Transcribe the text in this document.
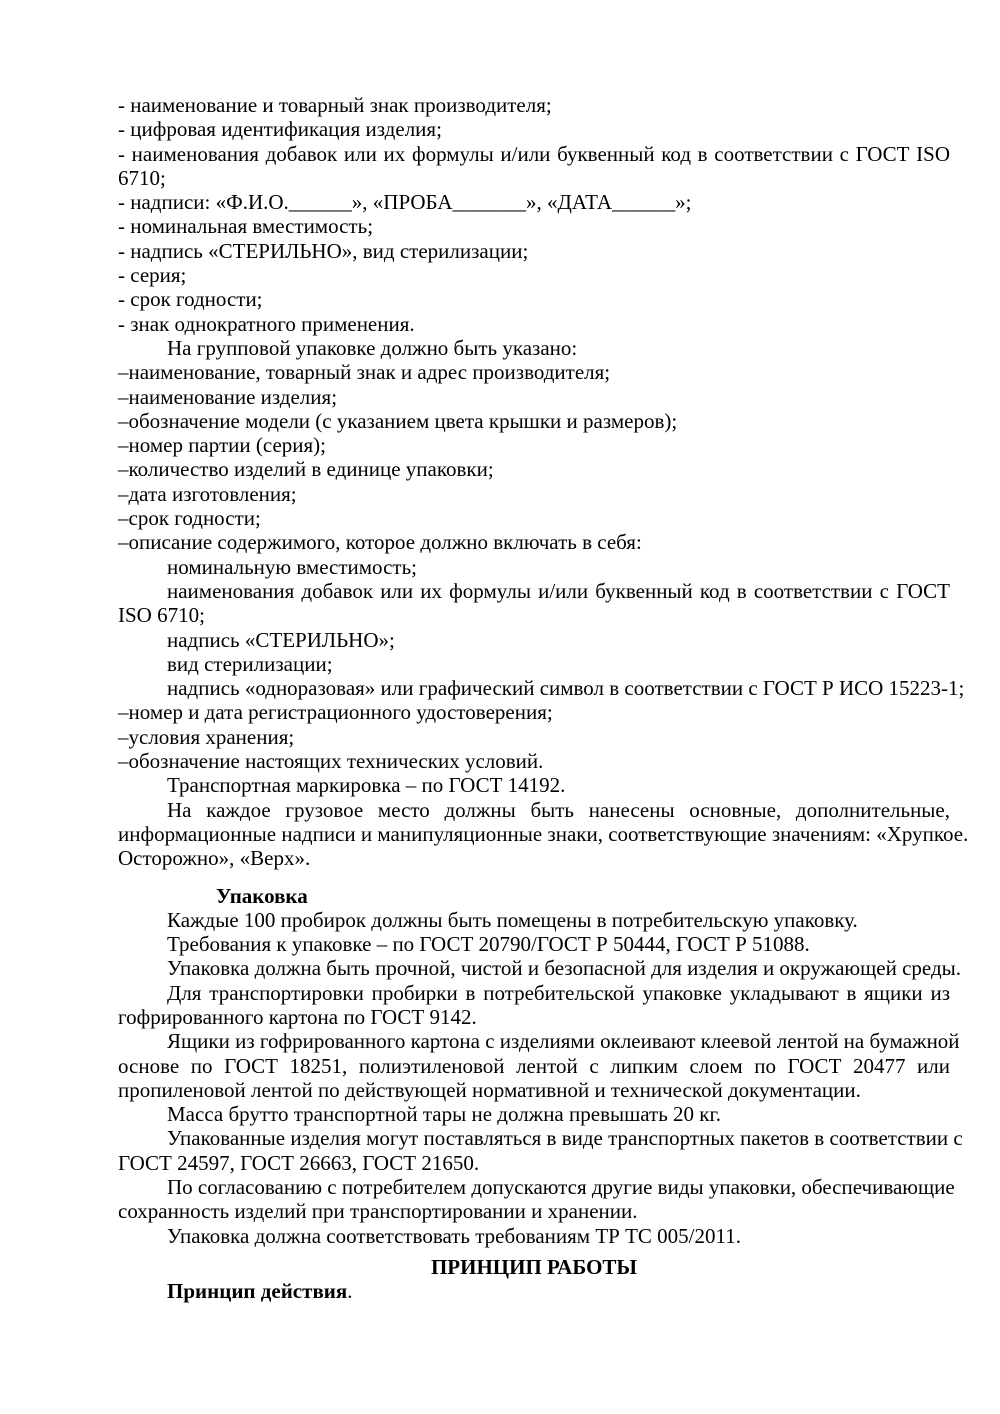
- наименование и товарный знак производителя;
- цифровая идентификация изделия;
- наименования добавок или их формулы и/или буквенный код в соответствии с ГОСТ ISO
6710;
- надписи: «Ф.И.О.______», «ПРОБА_______», «ДАТА______»;
- номинальная вместимость;
- надпись «СТЕРИЛЬНО», вид стерилизации;
- серия;
- срок годности;
- знак однократного применения.
На групповой упаковке должно быть указано:
–наименование, товарный знак и адрес производителя;
–наименование изделия;
–обозначение модели (с указанием цвета крышки и размеров);
–номер партии (серия);
–количество изделий в единице упаковки;
–дата изготовления;
–срок годности;
–описание содержимого, которое должно включать в себя:
номинальную вместимость;
наименования добавок или их формулы и/или буквенный код в соответствии с ГОСТ
ISO 6710;
надпись «СТЕРИЛЬНО»;
вид стерилизации;
надпись «одноразовая» или графический символ в соответствии с ГОСТ Р ИСО 15223-1;
–номер и дата регистрационного удостоверения;
–условия хранения;
–обозначение настоящих технических условий.
Транспортная маркировка – по ГОСТ 14192.
На каждое грузовое место должны быть нанесены основные, дополнительные,
информационные надписи и манипуляционные знаки, соответствующие значениям: «Хрупкое.
Осторожно», «Верх».
Упаковка
Каждые 100 пробирок должны быть помещены в потребительскую упаковку.
Требования к упаковке – по ГОСТ 20790/ГОСТ Р 50444, ГОСТ Р 51088.
Упаковка должна быть прочной, чистой и безопасной для изделия и окружающей среды.
Для транспортировки пробирки в потребительской упаковке укладывают в ящики из
гофрированного картона по ГОСТ 9142.
Ящики из гофрированного картона с изделиями оклеивают клеевой лентой на бумажной
основе по ГОСТ 18251, полиэтиленовой лентой с липким слоем по ГОСТ 20477 или
пропиленовой лентой по действующей нормативной и технической документации.
Масса брутто транспортной тары не должна превышать 20 кг.
Упакованные изделия могут поставляться в виде транспортных пакетов в соответствии с
ГОСТ 24597, ГОСТ 26663, ГОСТ 21650.
По согласованию с потребителем допускаются другие виды упаковки, обеспечивающие
сохранность изделий при транспортировании и хранении.
Упаковка должна соответствовать требованиям ТР ТС 005/2011.
ПРИНЦИП РАБОТЫ
Принцип действия.
